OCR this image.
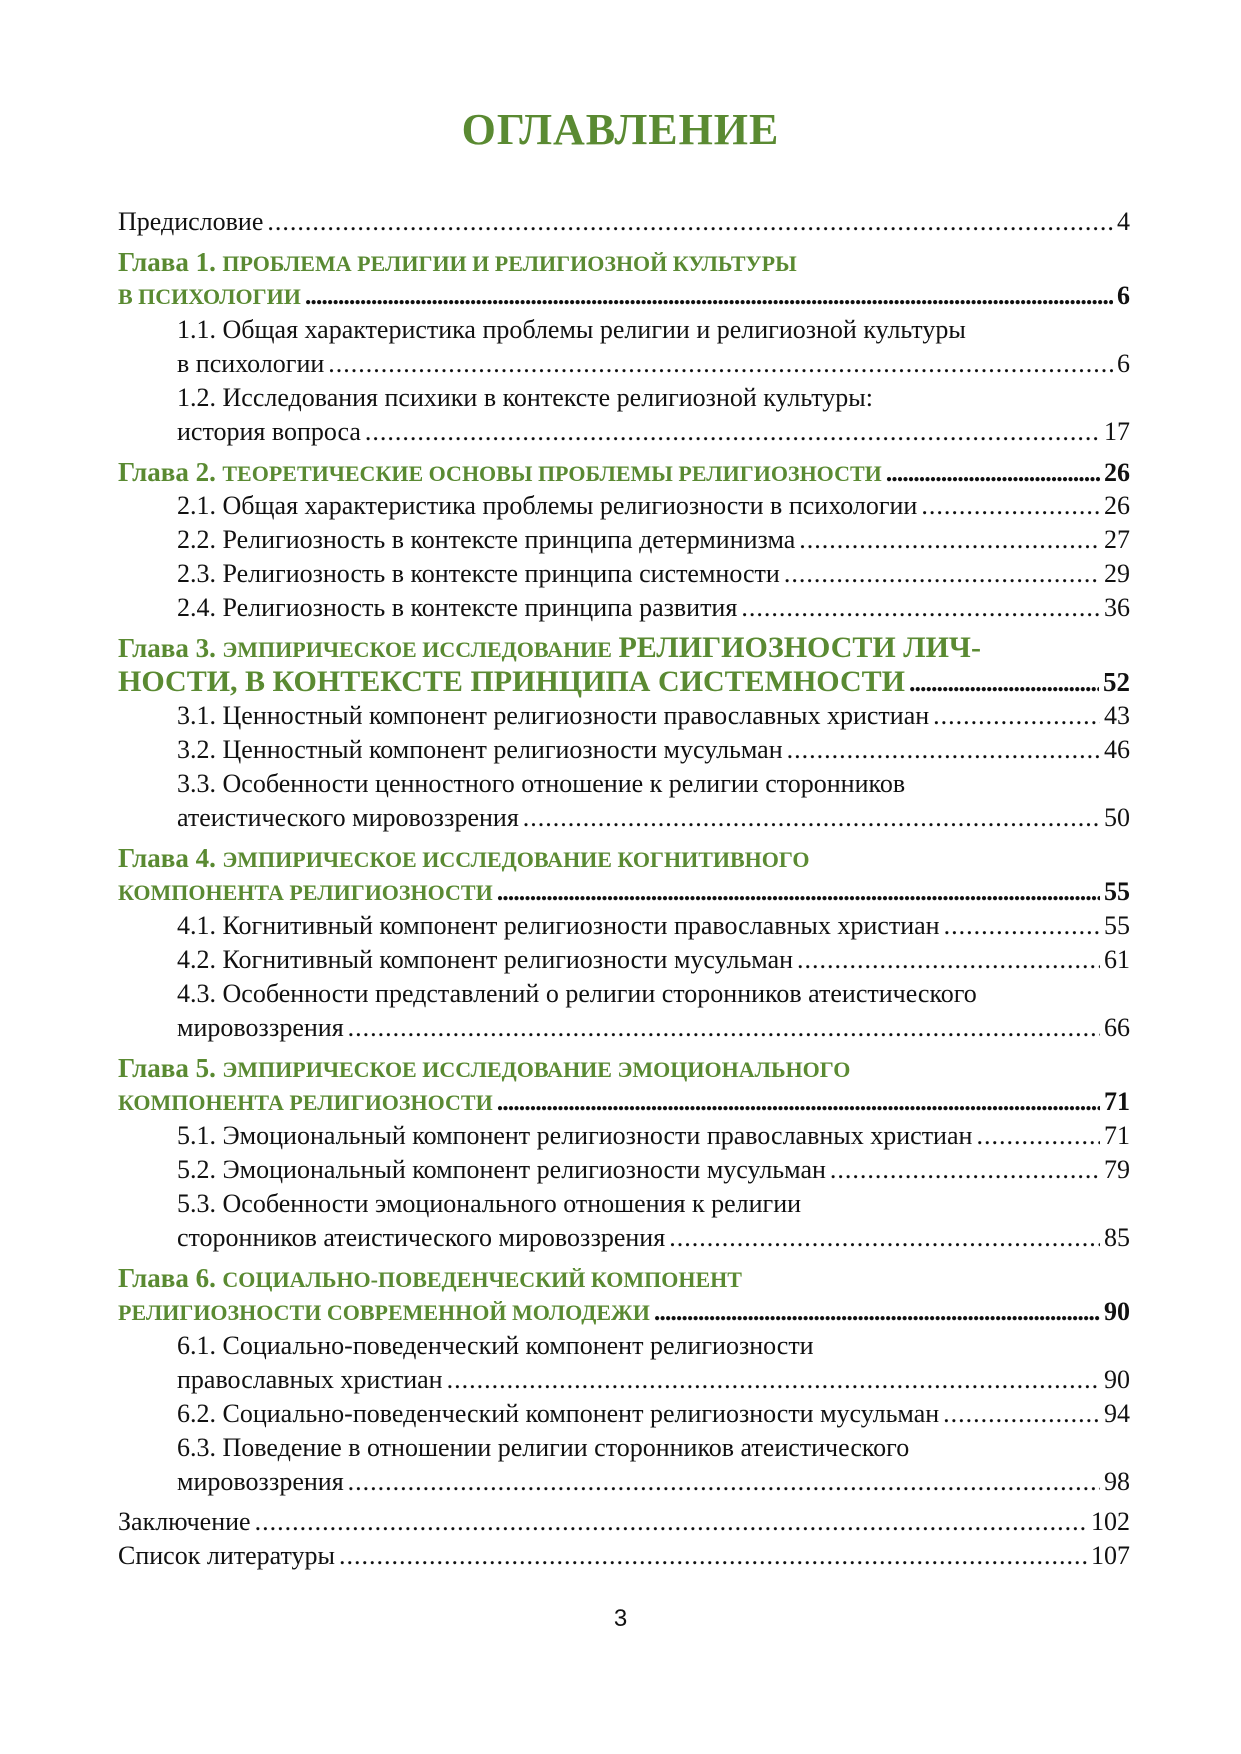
ОГЛАВЛЕНИЕ
Предисловие .....	4
Глава 1. ПРОБЛЕМА РЕЛИГИИ И РЕЛИГИОЗНОЙ КУЛЬТУРЫ
В ПСИХОЛОГИИ .....	6
1.1. Общая характеристика проблемы религии и религиозной культуры
в психологии .....	6
1.2. Исследования психики в контексте религиозной культуры:
история вопроса .....	17
Глава 2. ТЕОРЕТИЧЕСКИЕ ОСНОВЫ ПРОБЛЕМЫ РЕЛИГИОЗНОСТИ .....	26
2.1. Общая характеристика проблемы религиозности в психологии .....	26
2.2. Религиозность в контексте принципа детерминизма .....	27
2.3. Религиозность в контексте принципа системности .....	29
2.4. Религиозность в контексте принципа развития .....	36
Глава 3. ЭМПИРИЧЕСКОЕ ИССЛЕДОВАНИЕ РЕЛИГИОЗНОСТИ ЛИЧ-
НОСТИ, В КОНТЕКСТЕ ПРИНЦИПА СИСТЕМНОСТИ .....	52
3.1. Ценностный компонент религиозности православных христиан .....	43
3.2. Ценностный компонент религиозности мусульман .....	46
3.3. Особенности ценностного отношение к религии сторонников
атеистического мировоззрения .....	50
Глава 4. ЭМПИРИЧЕСКОЕ ИССЛЕДОВАНИЕ КОГНИТИВНОГО
КОМПОНЕНТА РЕЛИГИОЗНОСТИ .....	55
4.1. Когнитивный компонент религиозности православных христиан .....	55
4.2. Когнитивный компонент религиозности мусульман .....	61
4.3. Особенности представлений о религии сторонников атеистического
мировоззрения .....	66
Глава 5. ЭМПИРИЧЕСКОЕ ИССЛЕДОВАНИЕ ЭМОЦИОНАЛЬНОГО
КОМПОНЕНТА РЕЛИГИОЗНОСТИ .....	71
5.1. Эмоциональный компонент религиозности православных христиан .....	71
5.2. Эмоциональный компонент религиозности мусульман .....	79
5.3. Особенности эмоционального отношения к религии
сторонников атеистического мировоззрения .....	85
Глава 6. СОЦИАЛЬНО-ПОВЕДЕНЧЕСКИЙ КОМПОНЕНТ
РЕЛИГИОЗНОСТИ СОВРЕМЕННОЙ МОЛОДЕЖИ .....	90
6.1. Социально-поведенческий компонент религиозности
православных христиан .....	90
6.2. Социально-поведенческий компонент религиозности мусульман .....	94
6.3. Поведение в отношении религии сторонников атеистического
мировоззрения .....	98
Заключение .....	102
Список литературы .....	107
3
